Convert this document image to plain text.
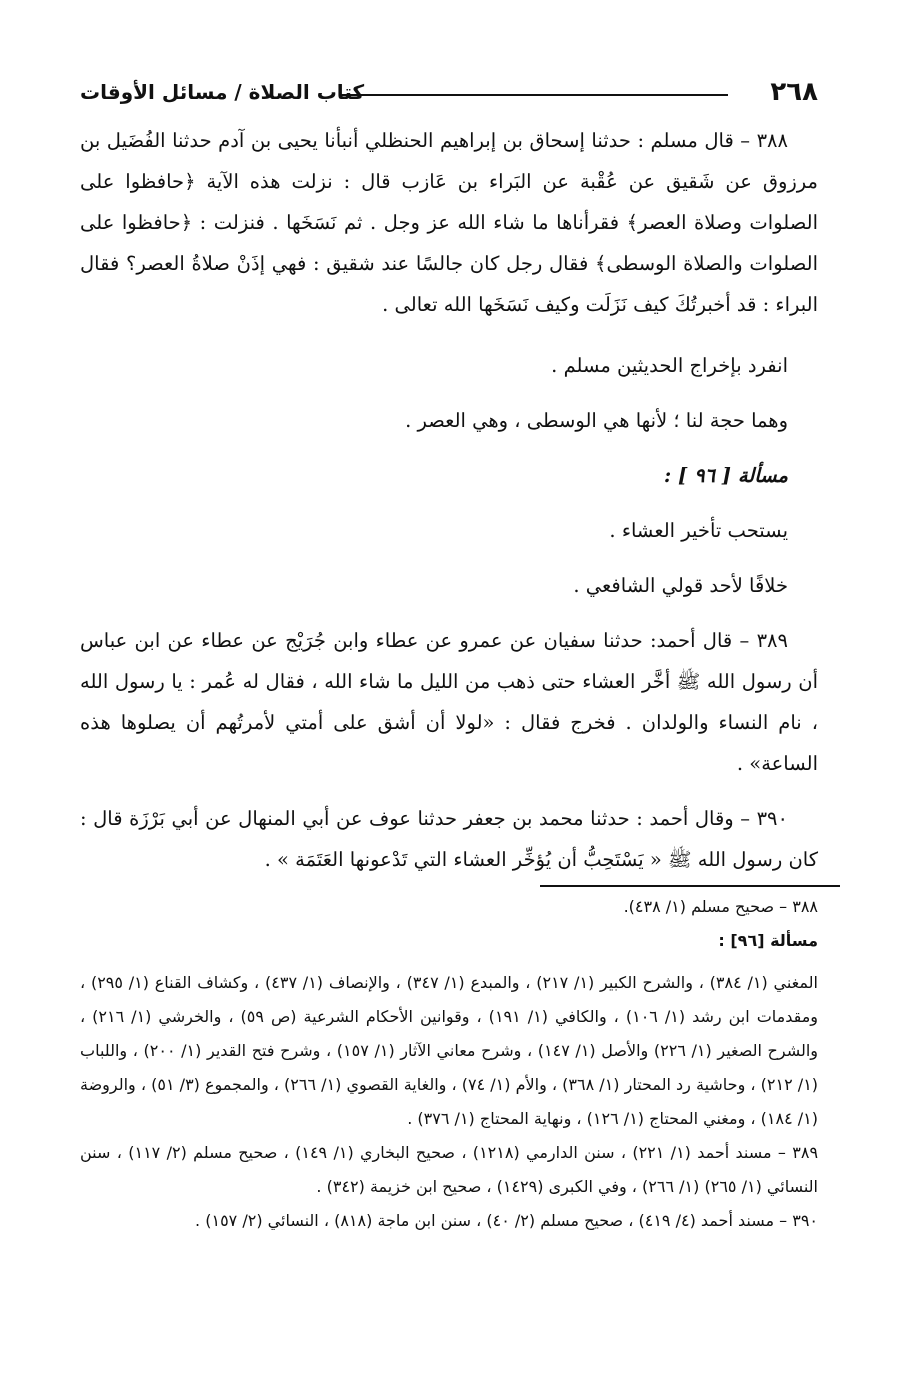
٢٦٨
كتاب الصلاة / مسائل الأوقات

٣٨٨ – قال مسلم : حدثنا إسحاق بن إبراهيم الحنظلي أنبأنا يحيى بن آدم حدثنا الفُضَيل بن مرزوق عن شَقيق عن عُقْبة عن البَراء بن عَازب قال : نزلت هذه الآية ﴿حافظوا على الصلوات وصلاة العصر﴾ فقرأناها ما شاء الله عز وجل . ثم نَسَخَها . فنزلت : ﴿حافظوا على الصلوات والصلاة الوسطى﴾ فقال رجل كان جالسًا عند شقيق : فهي إذَنْ صلاةُ العصر؟ فقال البراء : قد أخبرتُكَ كيف نَزَلَت وكيف نَسَخَها الله تعالى .

انفرد بإخراج الحديثين مسلم .

وهما حجة لنا ؛ لأنها هي الوسطى ، وهي العصر .

مسألة [ ٩٦ ] :

يستحب تأخير العشاء .

خلافًا لأحد قولي الشافعي .

٣٨٩ – قال أحمد: حدثنا سفيان عن عمرو عن عطاء وابن جُرَيْج عن عطاء عن ابن عباس أن رسول الله ﷺ أخَّر العشاء حتى ذهب من الليل ما شاء الله ، فقال له عُمر : يا رسول الله ، نام النساء والولدان . فخرج فقال : «لولا أن أشق على أمتي لأمرتُهم أن يصلوها هذه الساعة» .

٣٩٠ – وقال أحمد : حدثنا محمد بن جعفر حدثنا عوف عن أبي المنهال عن أبي بَرْزَة قال : كان رسول الله ﷺ « يَسْتَحِبُّ أن يُؤخِّر العشاء التي تَدْعونها العَتَمَة » .

٣٨٨ – صحيح مسلم (١/ ٤٣٨).

مسألة [٩٦] :

المغني (١/ ٣٨٤) ، والشرح الكبير (١/ ٢١٧) ، والمبدع (١/ ٣٤٧) ، والإنصاف (١/ ٤٣٧) ، وكشاف القناع (١/ ٢٩٥) ، ومقدمات ابن رشد (١/ ١٠٦) ، والكافي (١/ ١٩١) ، وقوانين الأحكام الشرعية (ص ٥٩) ، والخرشي (١/ ٢١٦) ، والشرح الصغير (١/ ٢٢٦) والأصل (١/ ١٤٧) ، وشرح معاني الآثار (١/ ١٥٧) ، وشرح فتح القدير (١/ ٢٠٠) ، واللباب (١/ ٢١٢) ، وحاشية رد المحتار (١/ ٣٦٨) ، والأم (١/ ٧٤) ، والغاية القصوي (١/ ٢٦٦) ، والمجموع (٣/ ٥١) ، والروضة (١/ ١٨٤) ، ومغني المحتاج (١/ ١٢٦) ، ونهاية المحتاج (١/ ٣٧٦) .

٣٨٩ – مسند أحمد (١/ ٢٢١) ، سنن الدارمي (١٢١٨) ، صحيح البخاري (١/ ١٤٩) ، صحيح مسلم (٢/ ١١٧) ، سنن النسائي (١/ ٢٦٥) (١/ ٢٦٦) ، وفي الكبرى (١٤٢٩) ، صحيح ابن خزيمة (٣٤٢) .

٣٩٠ – مسند أحمد (٤/ ٤١٩) ، صحيح مسلم (٢/ ٤٠) ، سنن ابن ماجة (٨١٨) ، النسائي (٢/ ١٥٧) .
